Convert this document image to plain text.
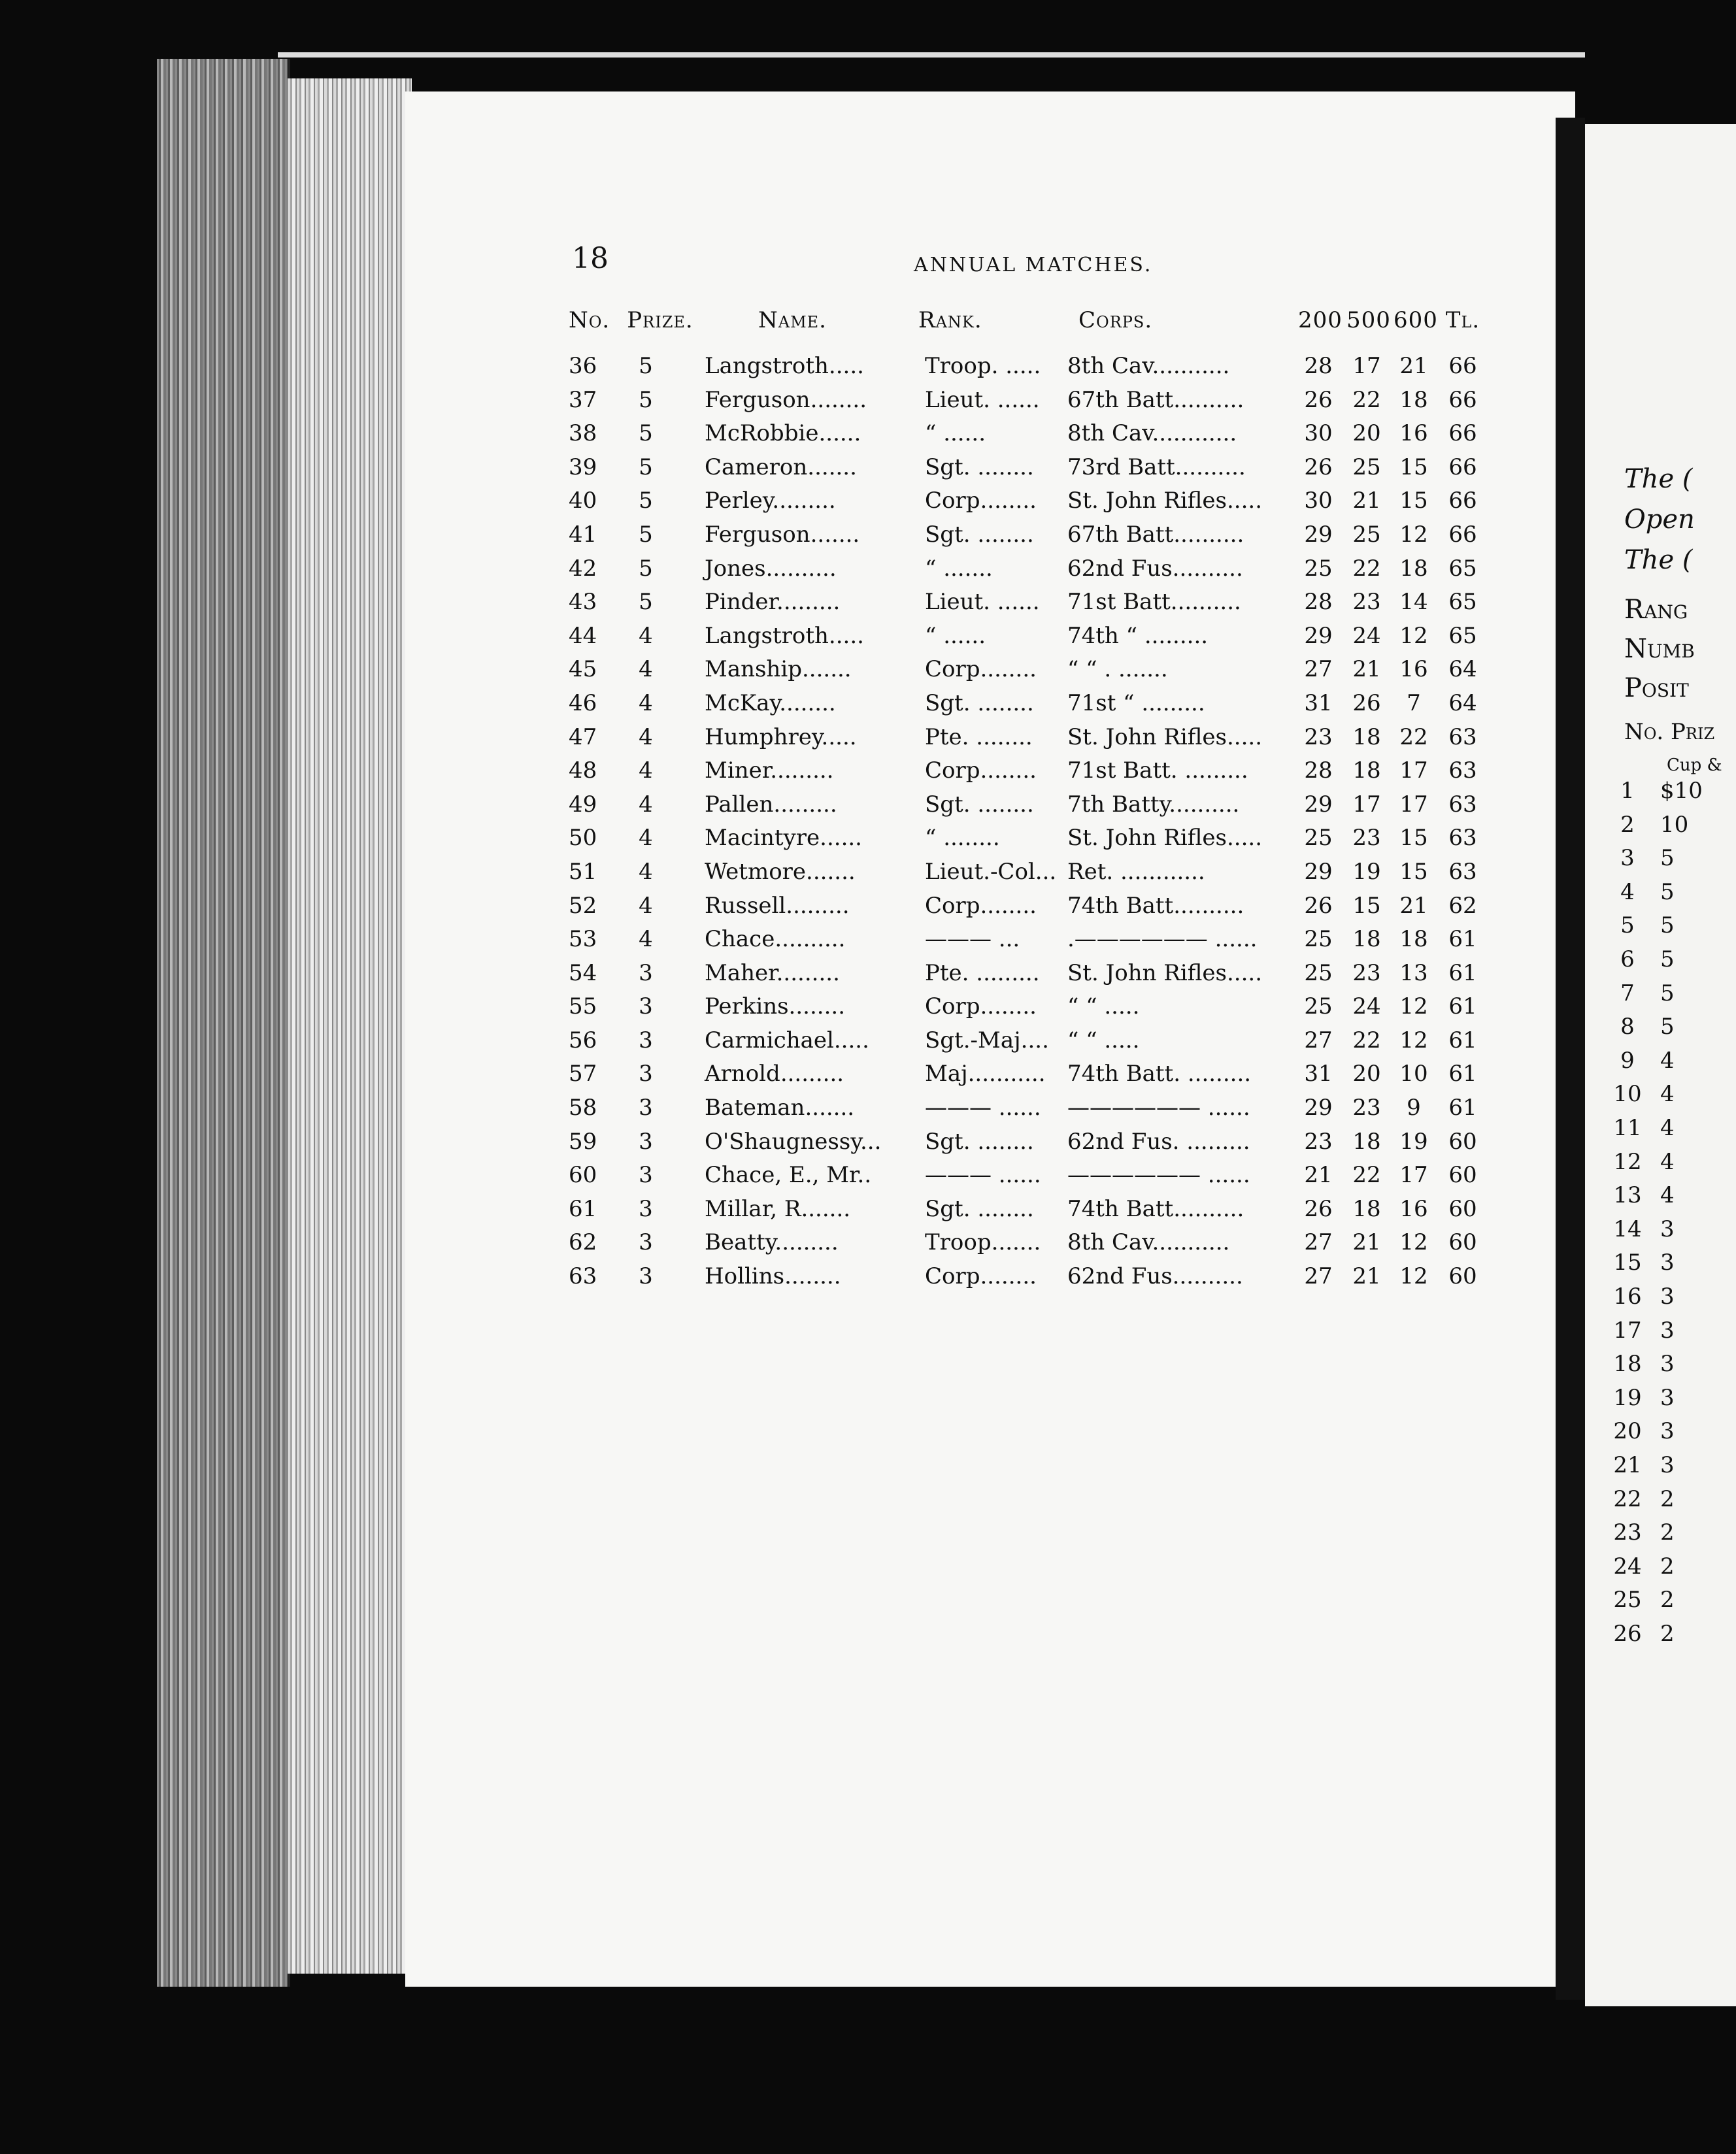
18	ANNUAL MATCHES.
No. Prize.	Name.	Rank.	Corps.	200 500 600 Tl.
36	5	Langstroth.....	Troop. ..... 8th Cav...........	28 17 21 66
37	5	Ferguson........	Lieut. ...... 67th Batt..........	26 22 18 66
38	5	McRobbie......	“ ......	8th Cav............	30 20 16 66
39	5	Cameron.......	Sgt. ........ 73rd Batt..........	26 25 15 66
40	5	Perley.........	Corp........ St. John Rifles..... 30 21 15 66
41	5	Ferguson.......	Sgt. ........ 67th Batt..........	29 25 12 66
42	5	Jones..........	“ .......	62nd Fus..........	25 22 18 65
43	5	Pinder.........	Lieut. ...... 71st Batt..........	28 23 14 65
44	4	Langstroth.....	“ ......	74th “ .........	29 24 12 65
45	4	Manship.......	Corp........ “ “ . .......	27 21 16 64
46	4	McKay........	Sgt. ........ 71st “ .........	31 26	7	64
47	4	Humphrey.....	Pte. ........ St. John Rifles..... 23 18 22 63
48	4	Miner.........	Corp........ 71st Batt. .........	28 18 17 63
49	4	Pallen.........	Sgt. ........ 7th Batty..........	29 17 17 63
50	4	Macintyre......	“ ........	St. John Rifles..... 25 23 15 63
51	4	Wetmore.......	Lieut.-Col... Ret. ............	29 19 15 63
52	4	Russell.........	Corp........ 74th Batt..........	26 15 21 62
53	4	Chace..........	——— ... .—————— ...... 25 18 18 61
54	3	Maher.........	Pte. ......... St. John Rifles..... 25 23 13 61
55	3	Perkins........	Corp........ “ “ .....	25 24 12 61
56	3	Carmichael.....	Sgt.-Maj.... “ “ .....	27 22 12 61
57	3	Arnold.........	Maj........... 74th Batt. ......... 31 20 10 61
58	3	Bateman.......	——— ...... —————— ...... 29 23	9	61
59	3	O'Shaugnessy... Sgt. ........ 62nd Fus. ......... 23 18 19 60
60	3	Chace, E., Mr.. ——— ...... —————— ...... 21 22 17 60
61	3	Millar, R.......	Sgt. ........ 74th Batt..........	26 18 16 60
62	3	Beatty.........	Troop....... 8th Cav...........	27 21 12 60
63	3	Hollins........	Corp........ 62nd Fus..........	27 21 12 60
The (
Open
The (
Rang
Numb
Posit
No. Priz
Cup &
1	$10
2	10
3	5
4	5
5	5
6	5
7	5
8	5
9	4
10 4
11 4
12 4
13 4
14 3
15 3
16 3
17 3
18 3
19 3
20 3
21 3
22 2
23 2
24 2
25 2
26 2
